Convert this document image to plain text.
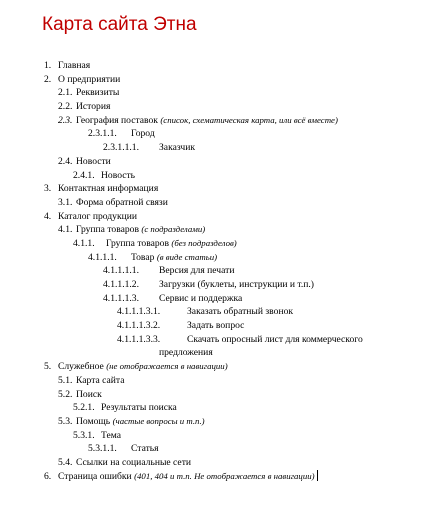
Карта сайта Этна
1. Главная
2. О предприятии
2.1. Реквизиты
2.2. История
2.3. География поставок (список, схематическая карта, или всё вместе)
2.3.1.1. Город
2.3.1.1.1. Заказчик
2.4. Новости
2.4.1. Новость
3. Контактная информация
3.1. Форма обратной связи
4. Каталог продукции
4.1. Группа товаров (с подразделами)
4.1.1. Группа товаров (без подразделов)
4.1.1.1. Товар (в виде статьи)
4.1.1.1.1. Версия для печати
4.1.1.1.2. Загрузки (буклеты, инструкции и т.п.)
4.1.1.1.3. Сервис и поддержка
4.1.1.1.3.1.	Заказать обратный звонок
4.1.1.1.3.2.	Задать вопрос
4.1.1.1.3.3.	Скачать опросный лист для коммерческого
предложения
5. Служебное (не отображается в навигации)
5.1. Карта сайта
5.2. Поиск
5.2.1. Результаты поиска
5.3. Помощь (частые вопросы и т.п.)
5.3.1. Тема
5.3.1.1. Статья
5.4. Ссылки на социальные сети
6. Страница ошибки (401, 404 и т.п. Не отображается в навигации)
